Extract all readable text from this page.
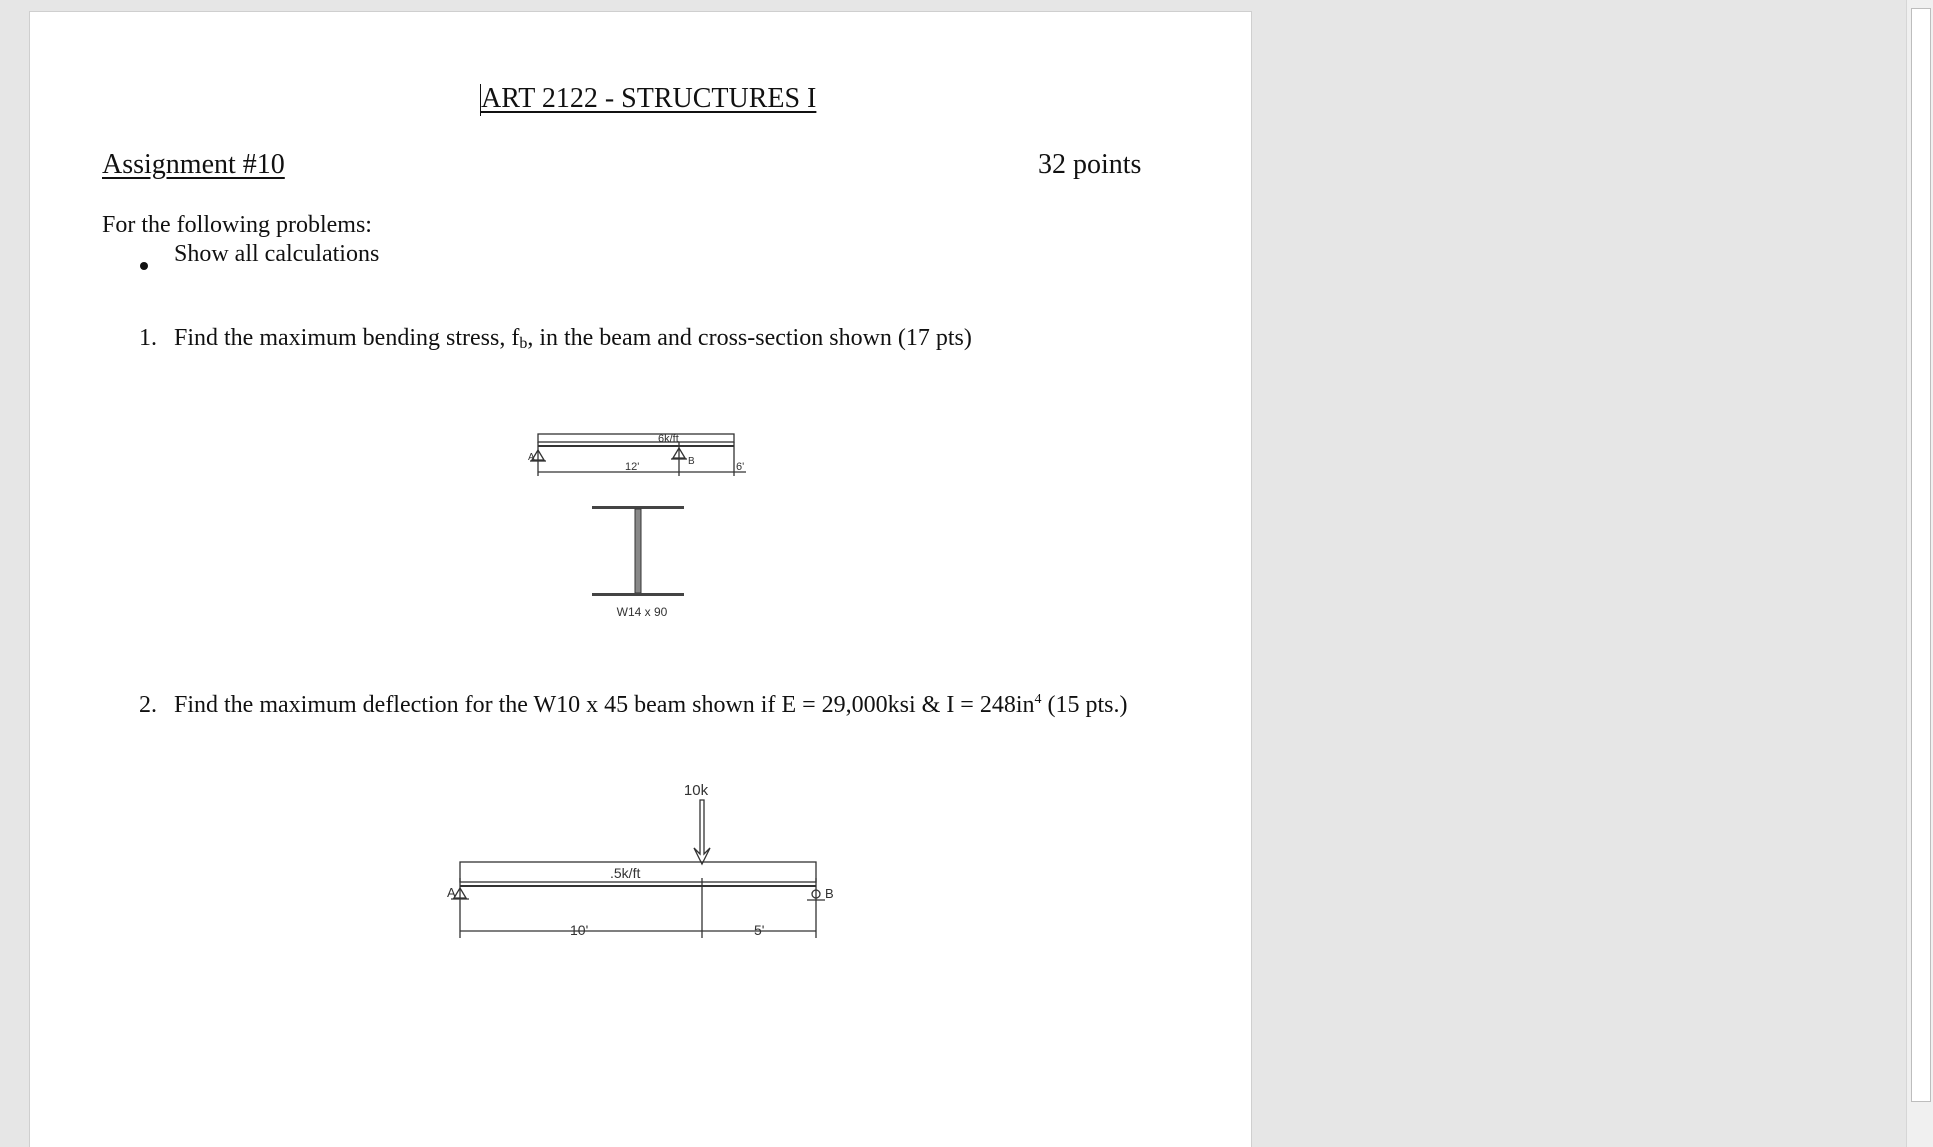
ART 2122 - STRUCTURES I
Assignment #10	32 points
For the following problems:
Show all calculations
1. Find the maximum bending stress, fb, in the beam and cross-section shown (17 pts)
6k/ft
12'	6'
A	B
W14 x 90
10k
.5k/ft
10'	5'
A	B
2. Find the maximum deflection for the W10 x 45 beam shown if E = 29,000ksi & $I = 248in^4$ (15 pts.)
